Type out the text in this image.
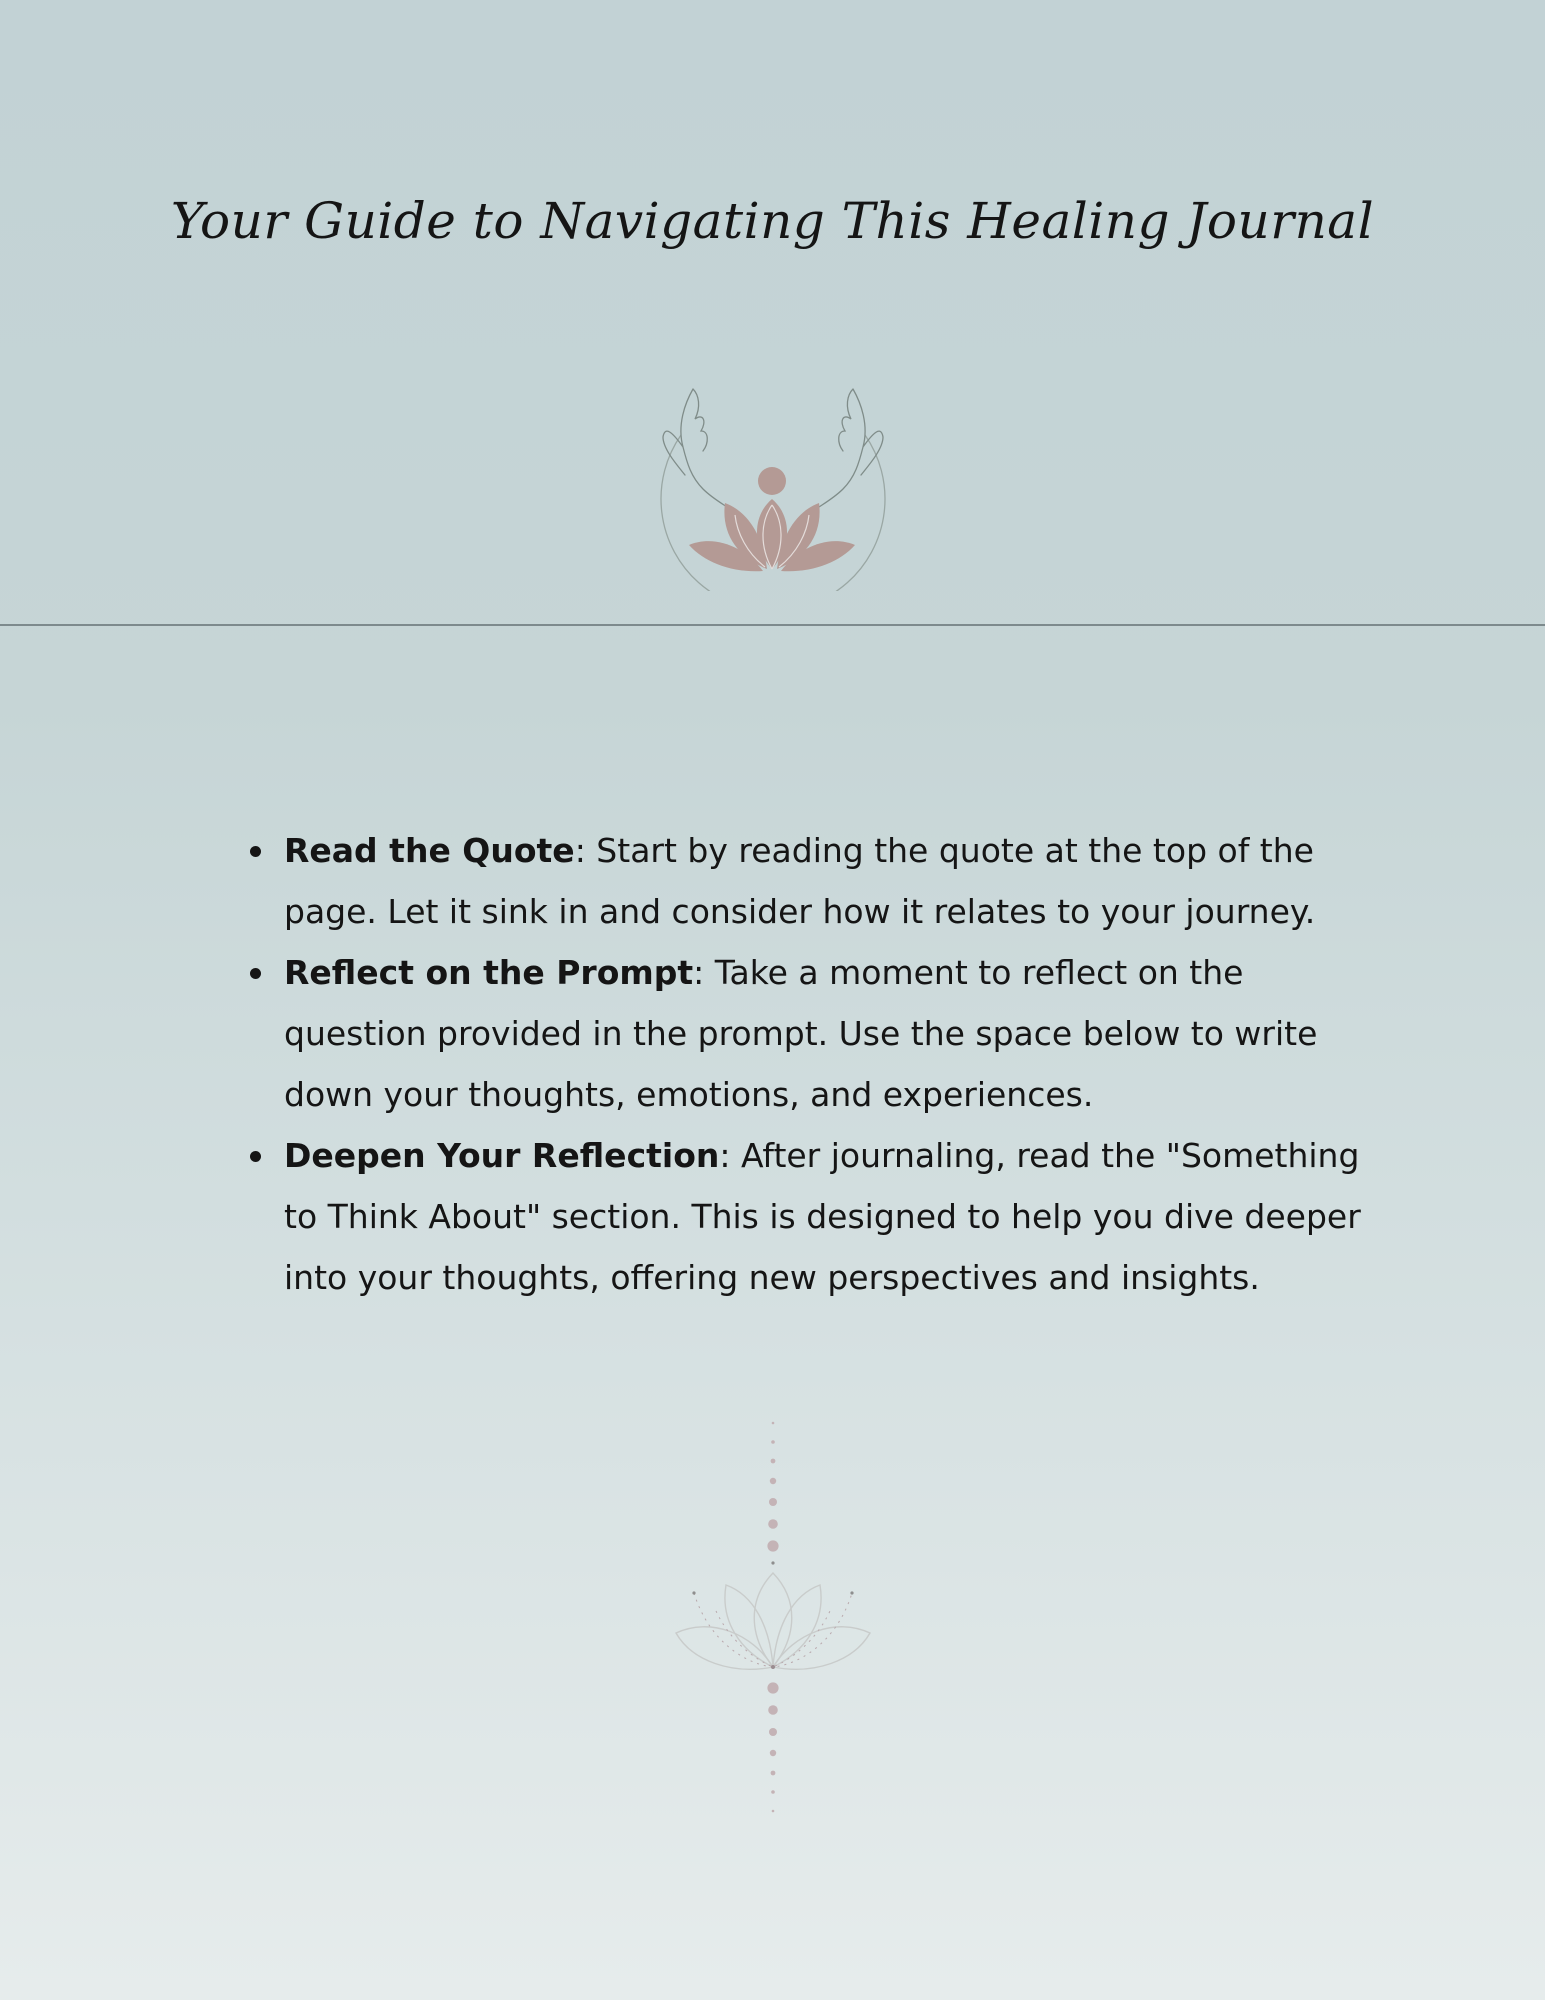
Your Guide to Navigating This Healing Journal
Read the Quote: Start by reading the quote at the top of the page. Let it sink in and consider how it relates to your journey.
Reflect on the Prompt: Take a moment to reflect on the question provided in the prompt. Use the space below to write down your thoughts, emotions, and experiences.
Deepen Your Reflection: After journaling, read the "Something to Think About" section. This is designed to help you dive deeper into your thoughts, offering new perspectives and insights.
